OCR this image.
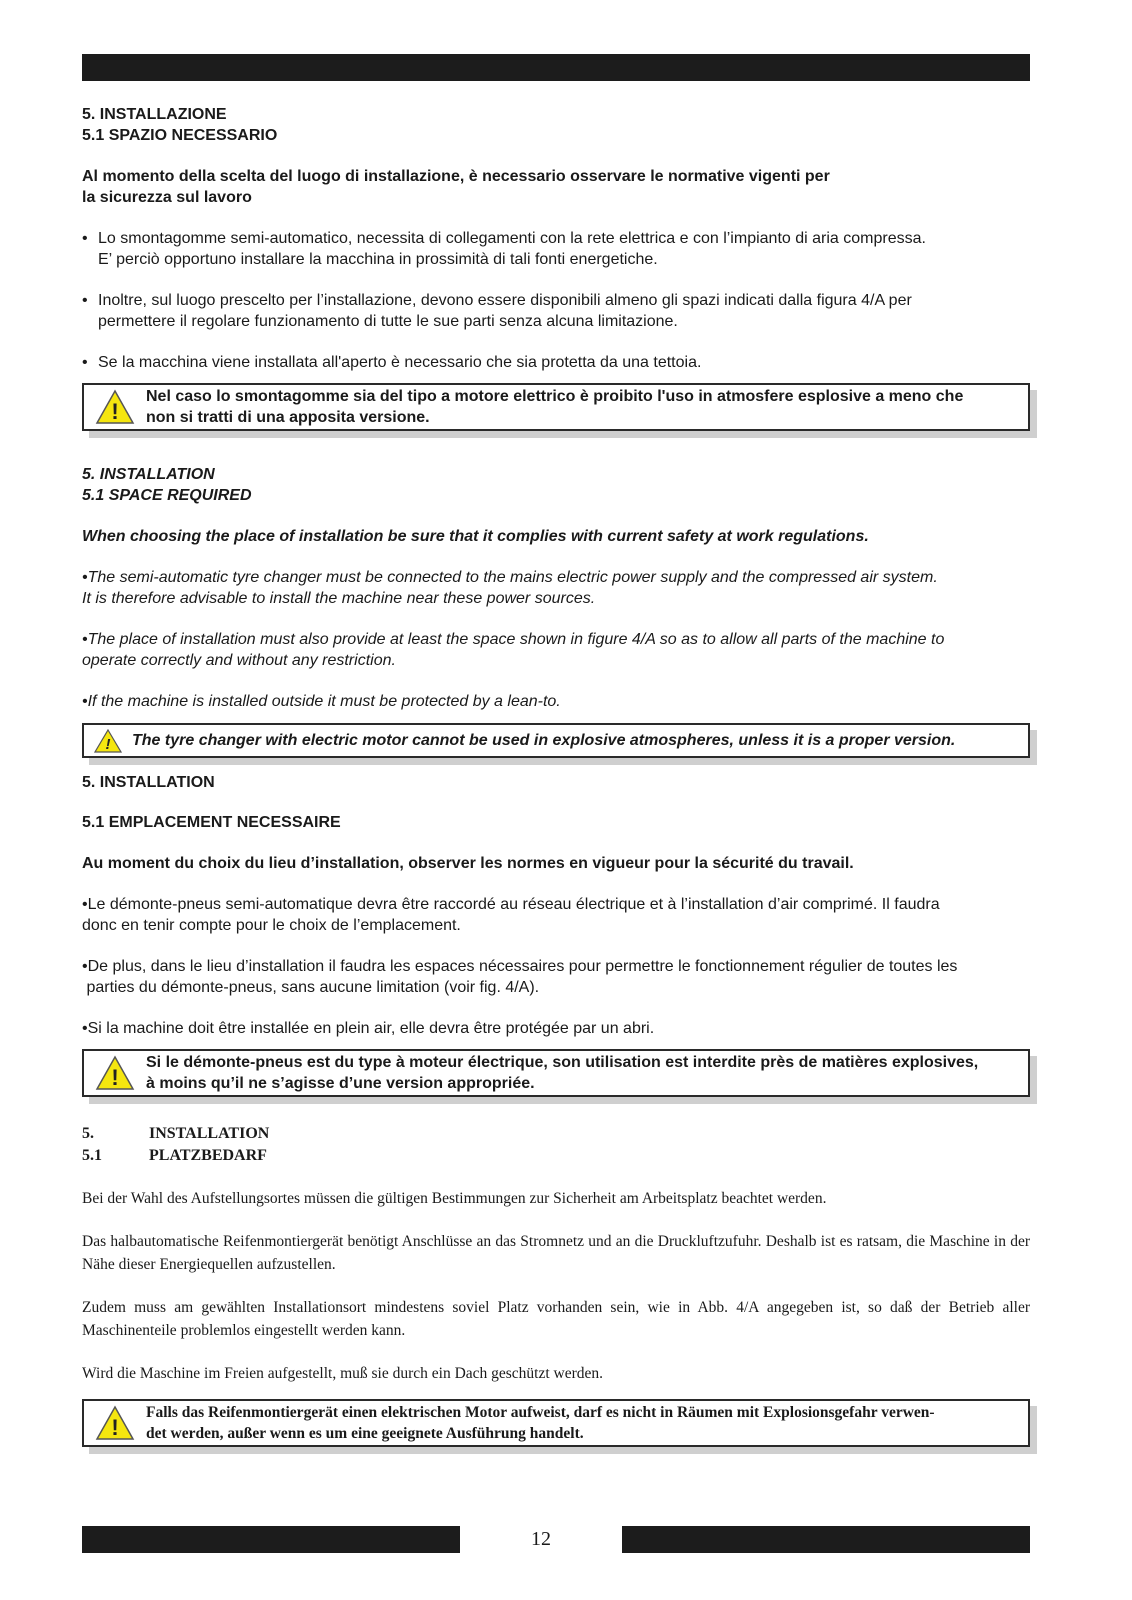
5. INSTALLAZIONE

5.1 SPAZIO NECESSARIO

Al momento della scelta del luogo di installazione, è necessario osservare le normative vigenti per
la sicurezza sul lavoro

• Lo smontagomme semi-automatico, necessita di collegamenti con la rete elettrica e con l’impianto di aria compressa.
E’ perciò opportuno installare la macchina in prossimità di tali fonti energetiche.
• Inoltre, sul luogo prescelto per l’installazione, devono essere disponibili almeno gli spazi indicati dalla figura 4/A per
permettere il regolare funzionamento di tutte le sue parti senza alcuna limitazione.
• Se la macchina viene installata all'aperto è necessario che sia protetta da una tettoia.
!
Nel caso lo smontagomme sia del tipo a motore elettrico è proibito l'uso in atmosfere esplosive a meno che
non si tratti di una apposita versione.

5. INSTALLATION

5.1 SPACE REQUIRED

When choosing the place of installation be sure that it complies with current safety at work regulations.

•The semi-automatic tyre changer must be connected to the mains electric power supply and the compressed air system.
It is therefore advisable to install the machine near these power sources.

•The place of installation must also provide at least the space shown in figure 4/A so as to allow all parts of the machine to
operate correctly and without any restriction.

•If the machine is installed outside it must be protected by a lean-to.

! The tyre changer with electric motor cannot be used in explosive atmospheres, unless it is a proper version.

5. INSTALLATION

5.1 EMPLACEMENT NECESSAIRE

Au moment du choix du lieu d’installation, observer les normes en vigueur pour la sécurité du travail.

•Le démonte-pneus semi-automatique devra être raccordé au réseau électrique et à l’installation d’air comprimé. Il faudra
donc en tenir compte pour le choix de l’emplacement.

•De plus, dans le lieu d’installation il faudra les espaces nécessaires pour permettre le fonctionnement régulier de toutes les
parties du démonte-pneus, sans aucune limitation (voir fig. 4/A).

•Si la machine doit être installée en plein air, elle devra être protégée par un abri.

!
Si le démonte-pneus est du type à moteur électrique, son utilisation est interdite près de matières explosives,
à moins qu’il ne s’agisse d’une version appropriée.
5.	INSTALLATION
5.1	PLATZBEDARF

Bei der Wahl des Aufstellungsortes müssen die gültigen Bestimmungen zur Sicherheit am Arbeitsplatz beachtet werden.

Das halbautomatische Reifenmontiergerät benötigt Anschlüsse an das Stromnetz und an die Druckluftzufuhr. Deshalb ist es ratsam, die Maschine in der Nähe dieser Energiequellen aufzustellen.

Zudem muss am gewählten Installationsort mindestens soviel Platz vorhanden sein, wie in Abb. 4/A angegeben ist, so daß der Betrieb aller Maschinenteile problemlos eingestellt werden kann.

Wird die Maschine im Freien aufgestellt, muß sie durch ein Dach geschützt werden.

!
Falls das Reifenmontiergerät einen elektrischen Motor aufweist, darf es nicht in Räumen mit Explosionsgefahr verwen-
det werden, außer wenn es um eine geeignete Ausführung handelt.
12
